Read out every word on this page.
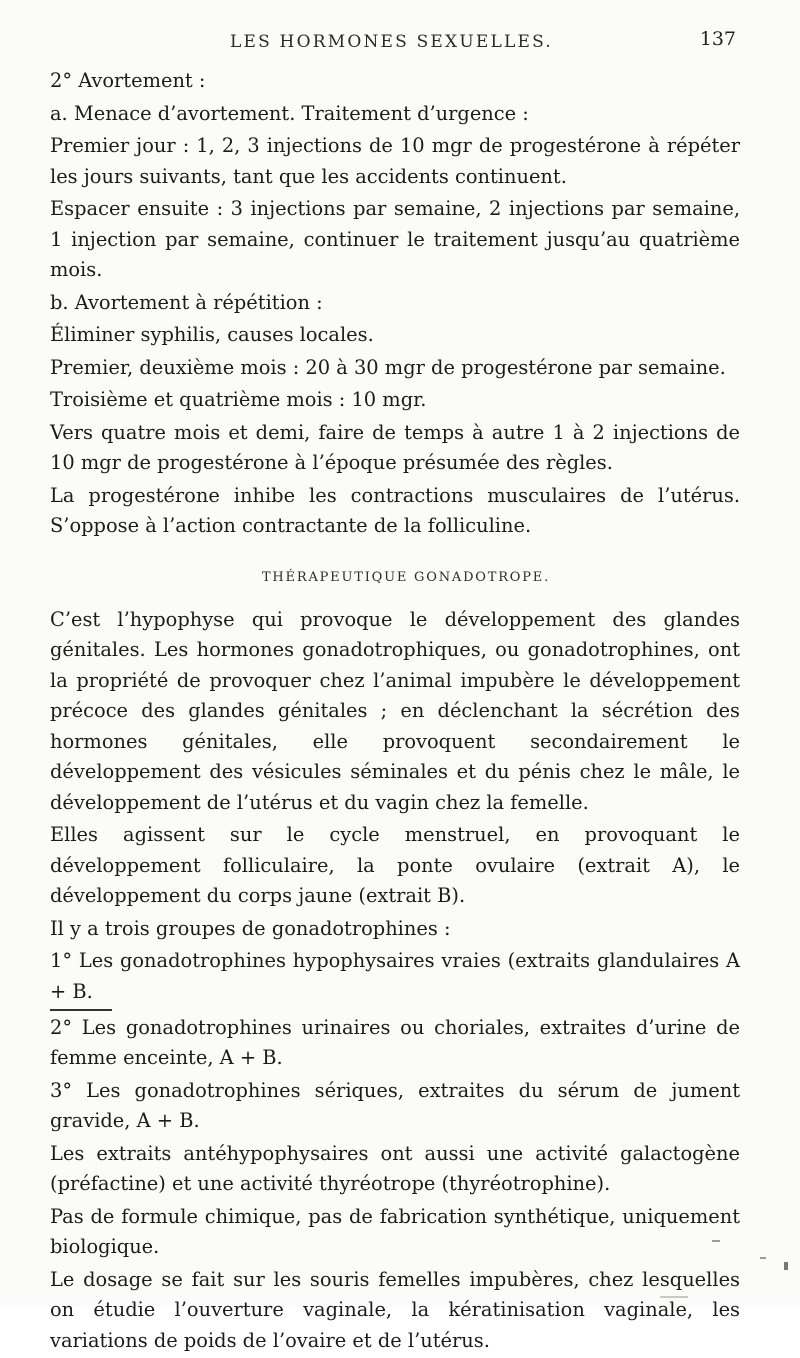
LES HORMONES SEXUELLES.	137

2° Avortement :

a. Menace d’avortement. Traitement d’urgence :

Premier jour : 1, 2, 3 injections de 10 mgr de progestérone à répéter les jours suivants, tant que les accidents continuent.

Espacer ensuite : 3 injections par semaine, 2 injections par semaine, 1 injection par semaine, continuer le traitement jusqu’au quatrième mois.

b. Avortement à répétition :

Éliminer syphilis, causes locales.

Premier, deuxième mois : 20 à 30 mgr de progestérone par semaine.

Troisième et quatrième mois : 10 mgr.

Vers quatre mois et demi, faire de temps à autre 1 à 2 injections de 10 mgr de progestérone à l’époque présumée des règles.

La progestérone inhibe les contractions musculaires de l’utérus. S’oppose à l’action contractante de la folliculine.

THÉRAPEUTIQUE GONADOTROPE.

C’est l’hypophyse qui provoque le développement des glandes génitales. Les hormones gonadotrophiques, ou gonadotrophines, ont la propriété de provoquer chez l’animal impubère le développement précoce des glandes génitales ; en déclenchant la sécrétion des hormones génitales, elle provoquent secondairement le développement des vésicules séminales et du pénis chez le mâle, le développement de l’utérus et du vagin chez la femelle.

Elles agissent sur le cycle menstruel, en provoquant le développement folliculaire, la ponte ovulaire (extrait A), le développement du corps jaune (extrait B).

Il y a trois groupes de gonadotrophines :

1° Les gonadotrophines hypophysaires vraies (extraits glandulaires A + B.

2° Les gonadotrophines urinaires ou choriales, extraites d’urine de femme enceinte, A + B.

3° Les gonadotrophines sériques, extraites du sérum de jument gravide, A + B.

Les extraits antéhypophysaires ont aussi une activité galactogène (préfactine) et une activité thyréotrope (thyréotrophine).

Pas de formule chimique, pas de fabrication synthétique, uniquement biologique.

Le dosage se fait sur les souris femelles impubères, chez lesquelles on étudie l’ouverture vaginale, la kératinisation vaginale, les variations de poids de l’ovaire et de l’utérus.
